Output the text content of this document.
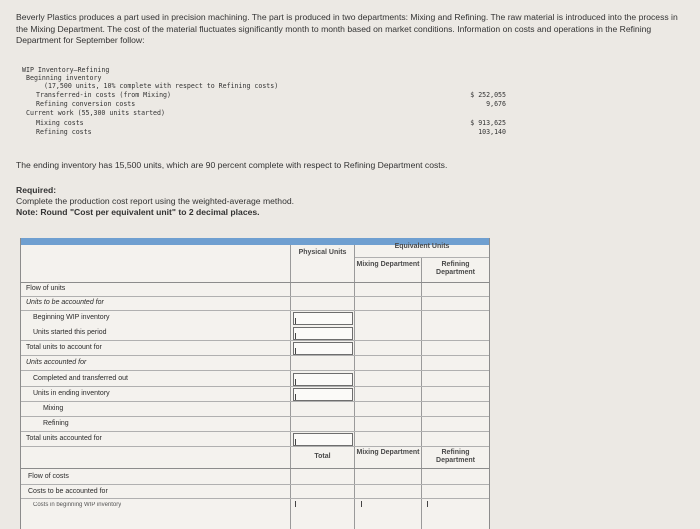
Beverly Plastics produces a part used in precision machining. The part is produced in two departments: Mixing and Refining. The raw material is introduced into the process in the Mixing Department. The cost of the material fluctuates significantly month to month based on market conditions. Information on costs and operations in the Refining Department for September follow:
WIP Inventory—Refining
Beginning inventory
(17,500 units, 10% complete with respect to Refining costs)
Transferred-in costs (from Mixing)	$ 252,055
Refining conversion costs	9,676
Current work (55,300 units started)
Mixing costs	$ 913,625
Refining costs	103,140
The ending inventory has 15,500 units, which are 90 percent complete with respect to Refining Department costs.
Required:
Complete the production cost report using the weighted-average method.
Note: Round "Cost per equivalent unit" to 2 decimal places.
Physical Units
Equivalent Units
Mixing Department	Refining Department
Flow of units
Units to be accounted for
Beginning WIP inventory
Units started this period
Total units to account for
Units accounted for
Completed and transferred out
Units in ending inventory
Mixing
Refining
Total units accounted for
Total
Mixing Department	Refining Department
Flow of costs
Costs to be accounted for
Costs in beginning WIP inventory
